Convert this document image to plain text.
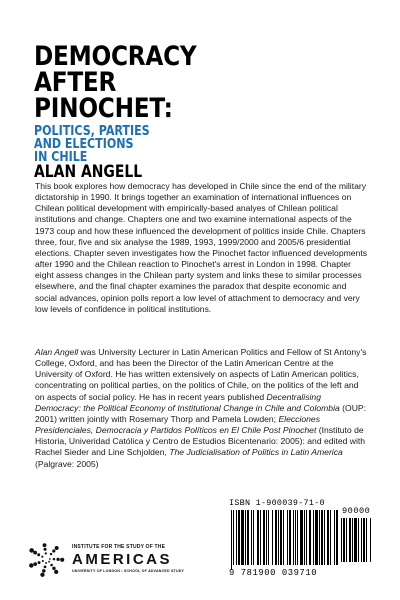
DEMOCRACY
AFTER
PINOCHET:
POLITICS, PARTIES
AND ELECTIONS
IN CHILE
ALAN ANGELL

This book explores how democracy has developed in Chile since the end of the military dictatorship in 1990. It brings together an examination of international influences on Chilean political development with empirically-based analyes of Chilean political institutions and change. Chapters one and two examine international aspects of the 1973 coup and how these influenced the development of politics inside Chile. Chapters three, four, five and six analyse the 1989, 1993, 1999/2000 and 2005/6 presidential elections. Chapter seven investigates how the Pinochet factor influenced developments after 1990 and the Chilean reaction to Pinochet's arrest in London in 1998. Chapter eight assess changes in the Chilean party system and links these to similar processes elsewhere, and the final chapter examines the paradox that despite economic and social advances, opinion polls report a low level of attachment to democracy and very low levels of confidence in political institutions.

Alan Angell was University Lecturer in Latin American Politics and Fellow of St Antony's College, Oxford, and has been the Director of the Latin American Centre at the University of Oxford. He has written extensively on aspects of Latin American politics, concentrating on political parties, on the politics of Chile, on the politics of the left and on aspects of social policy. He has in recent years published Decentralising Democracy: the Political Economy of Institutional Change in Chile and Colombia (OUP: 2001) written jointly with Rosemary Thorp and Pamela Lowden; Elecciones Presidenciales, Democracia y Partidos Políticos en El Chile Post Pinochet (Instituto de Historia, Univeridad Católica y Centro de Estudios Bicentenario: 2005): and edited with Rachel Sieder and Line Schjolden, The Judicialisation of Politics in Latin America (Palgrave: 2005)

INSTITUTE FOR THE STUDY OF THE
AMERICAS
UNIVERSITY OF LONDON • SCHOOL OF ADVANCED STUDY
ISBN 1-900039-71-0
90000
9 781900 039710
